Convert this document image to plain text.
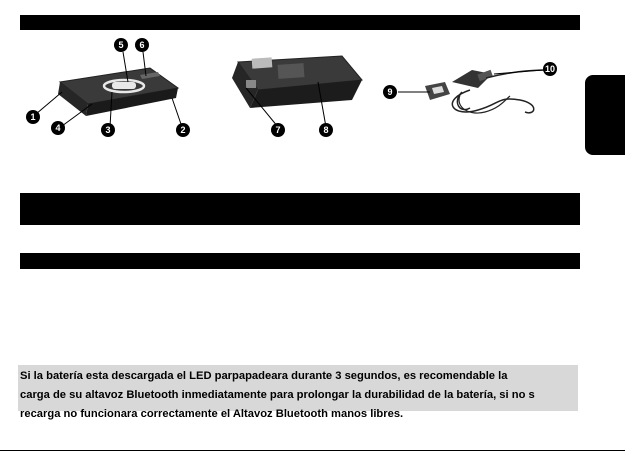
1
2
3
4
5 6
7	8
9
10

Si la batería esta descargada el LED parpapadeara durante 3 segundos, es recomendable la

carga de su altavoz Bluetooth inmediatamente para prolongar la durabilidad de la batería, si no s

recarga no funcionara correctamente el Altavoz Bluetooth manos libres.
